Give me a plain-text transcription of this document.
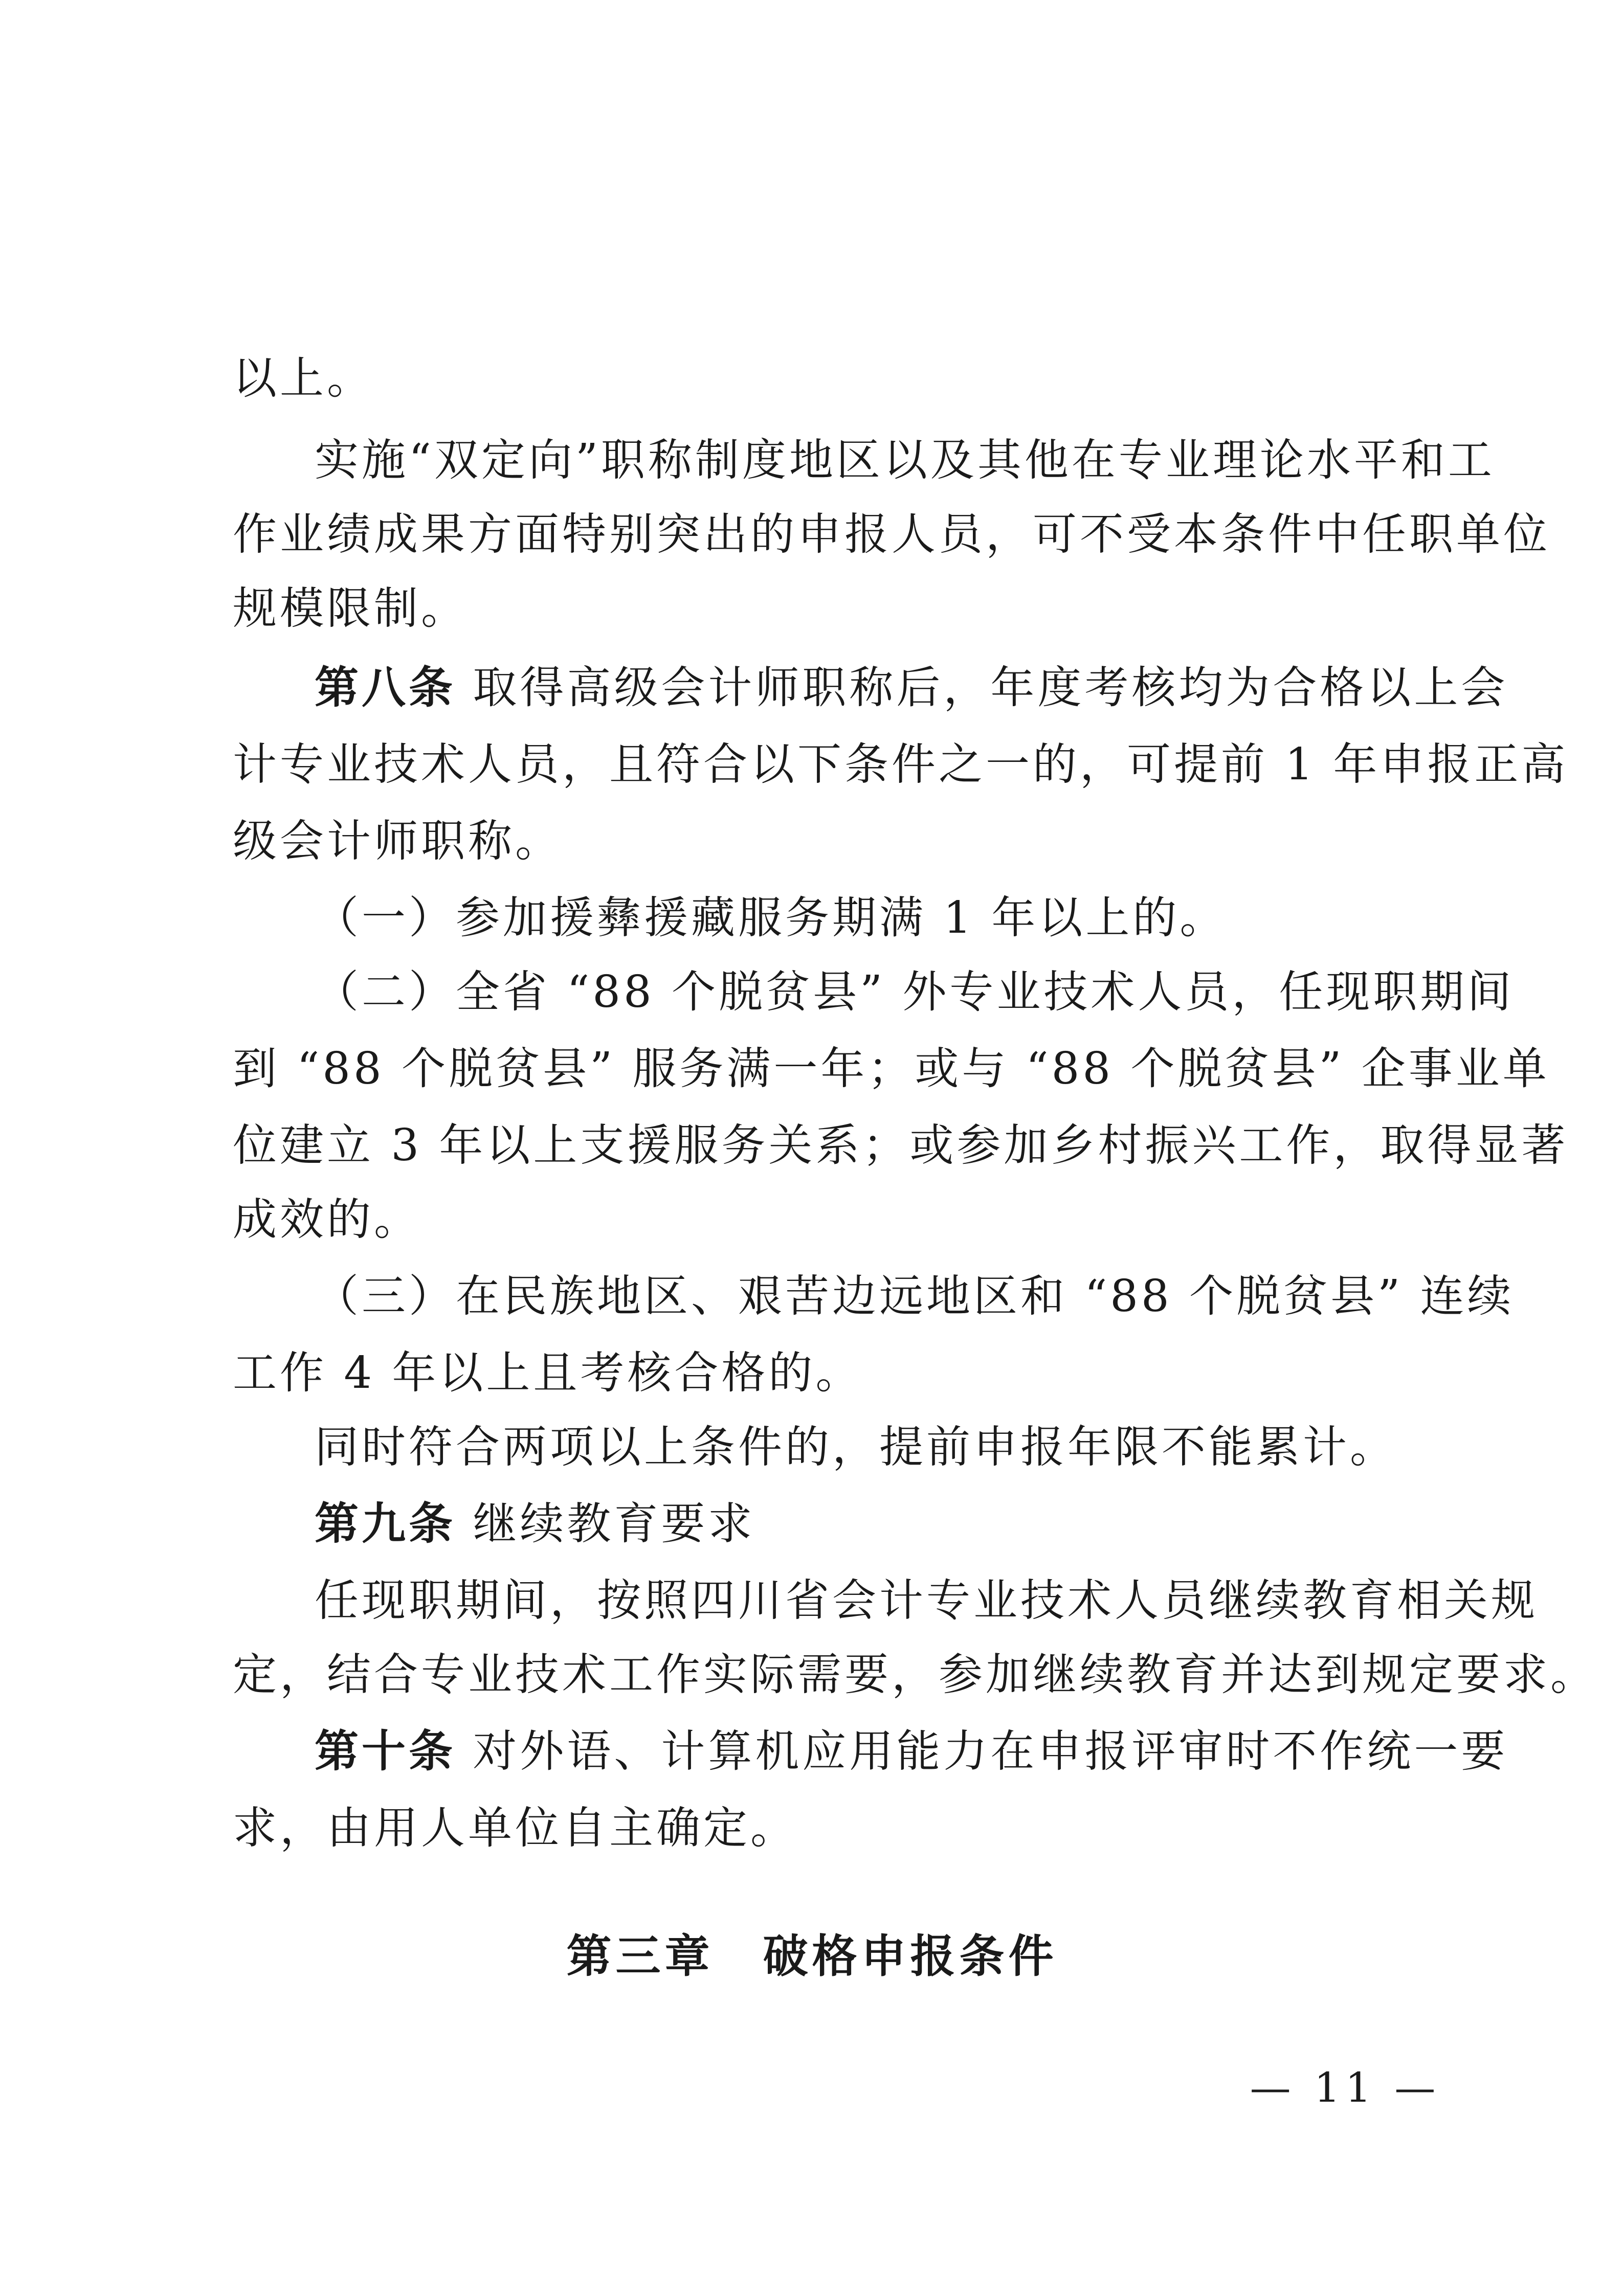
以上。
实施“双定向”职称制度地区以及其他在专业理论水平和工
作业绩成果方面特别突出的申报人员，可不受本条件中任职单位
规模限制。
第八条 取得高级会计师职称后，年度考核均为合格以上会
计专业技术人员，且符合以下条件之一的，可提前 1 年申报正高
级会计师职称。
（一）参加援彝援藏服务期满 1 年以上的。
（二）全省 “88 个脱贫县” 外专业技术人员，任现职期间
到 “88 个脱贫县” 服务满一年；或与 “88 个脱贫县” 企事业单
位建立 3 年以上支援服务关系；或参加乡村振兴工作，取得显著
成效的。
（三）在民族地区、艰苦边远地区和 “88 个脱贫县” 连续
工作 4 年以上且考核合格的。
同时符合两项以上条件的，提前申报年限不能累计。
第九条 继续教育要求
任现职期间，按照四川省会计专业技术人员继续教育相关规
定，结合专业技术工作实际需要，参加继续教育并达到规定要求。
第十条 对外语、计算机应用能力在申报评审时不作统一要
求，由用人单位自主确定。
第三章　破格申报条件
— 11 —
